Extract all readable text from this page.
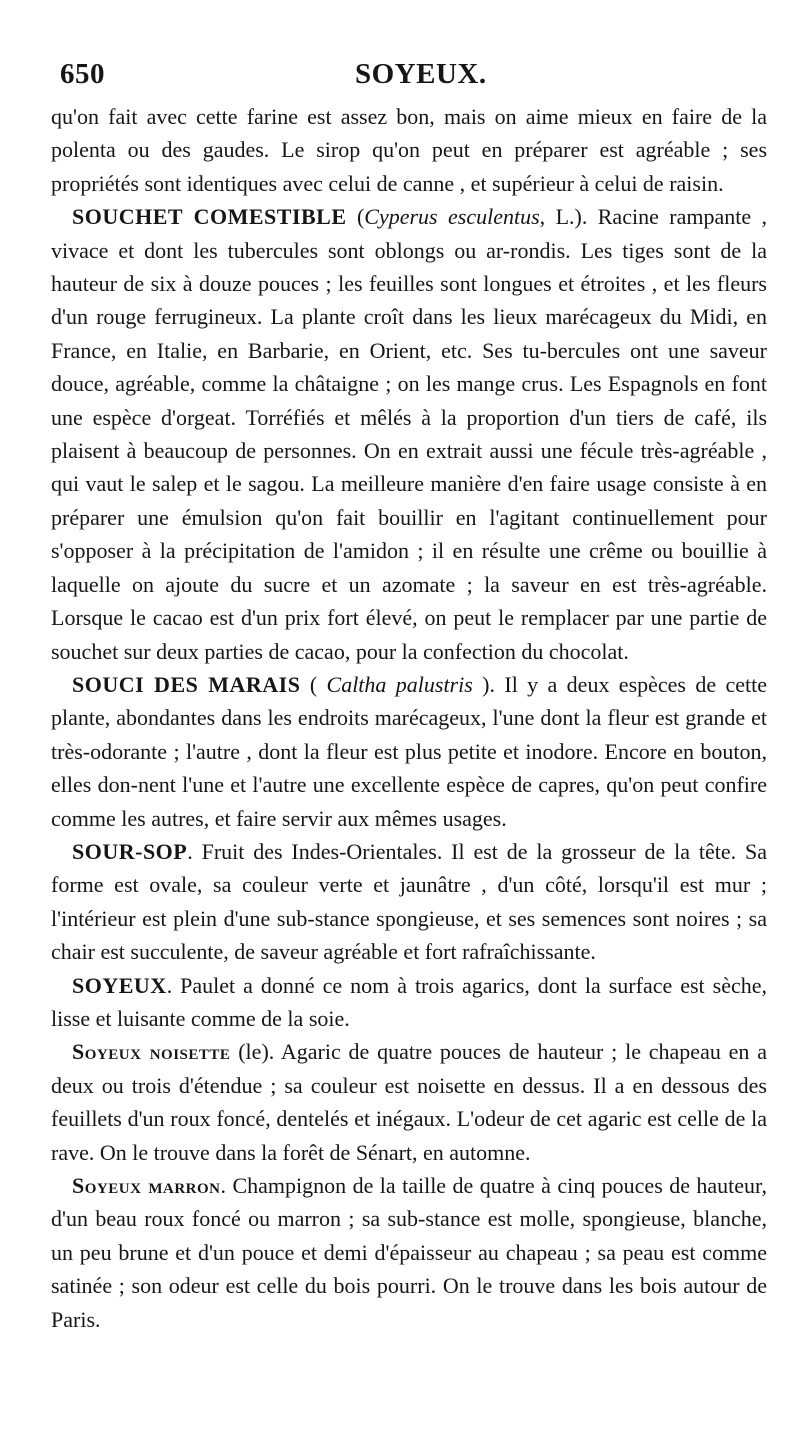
650	SOYEUX.

qu'on fait avec cette farine est assez bon, mais on aime mieux en faire de la polenta ou des gaudes. Le sirop qu'on peut en préparer est agréable ; ses propriétés sont identiques avec celui de canne , et supérieur à celui de raisin.

SOUCHET COMESTIBLE (Cyperus esculentus, L.). Racine rampante , vivace et dont les tubercules sont oblongs ou ar-rondis. Les tiges sont de la hauteur de six à douze pouces ; les feuilles sont longues et étroites , et les fleurs d'un rouge ferrugineux. La plante croît dans les lieux marécageux du Midi, en France, en Italie, en Barbarie, en Orient, etc. Ses tu-bercules ont une saveur douce, agréable, comme la châtaigne ; on les mange crus. Les Espagnols en font une espèce d'orgeat. Torréfiés et mêlés à la proportion d'un tiers de café, ils plaisent à beaucoup de personnes. On en extrait aussi une fécule très-agréable , qui vaut le salep et le sagou. La meilleure manière d'en faire usage consiste à en préparer une émulsion qu'on fait bouillir en l'agitant continuellement pour s'opposer à la précipitation de l'amidon ; il en résulte une crême ou bouillie à laquelle on ajoute du sucre et un azomate ; la saveur en est très-agréable. Lorsque le cacao est d'un prix fort élevé, on peut le remplacer par une partie de souchet sur deux parties de cacao, pour la confection du chocolat.

SOUCI DES MARAIS ( Caltha palustris ). Il y a deux espèces de cette plante, abondantes dans les endroits marécageux, l'une dont la fleur est grande et très-odorante ; l'autre , dont la fleur est plus petite et inodore. Encore en bouton, elles don-nent l'une et l'autre une excellente espèce de capres, qu'on peut confire comme les autres, et faire servir aux mêmes usages.

SOUR-SOP. Fruit des Indes-Orientales. Il est de la grosseur de la tête. Sa forme est ovale, sa couleur verte et jaunâtre , d'un côté, lorsqu'il est mur ; l'intérieur est plein d'une sub-stance spongieuse, et ses semences sont noires ; sa chair est succulente, de saveur agréable et fort rafraîchissante.

SOYEUX. Paulet a donné ce nom à trois agarics, dont la surface est sèche, lisse et luisante comme de la soie.

Soyeux noisette (le). Agaric de quatre pouces de hauteur ; le chapeau en a deux ou trois d'étendue ; sa couleur est noisette en dessus. Il a en dessous des feuillets d'un roux foncé, dentelés et inégaux. L'odeur de cet agaric est celle de la rave. On le trouve dans la forêt de Sénart, en automne.

Soyeux marron. Champignon de la taille de quatre à cinq pouces de hauteur, d'un beau roux foncé ou marron ; sa sub-stance est molle, spongieuse, blanche, un peu brune et d'un pouce et demi d'épaisseur au chapeau ; sa peau est comme satinée ; son odeur est celle du bois pourri. On le trouve dans les bois autour de Paris.
